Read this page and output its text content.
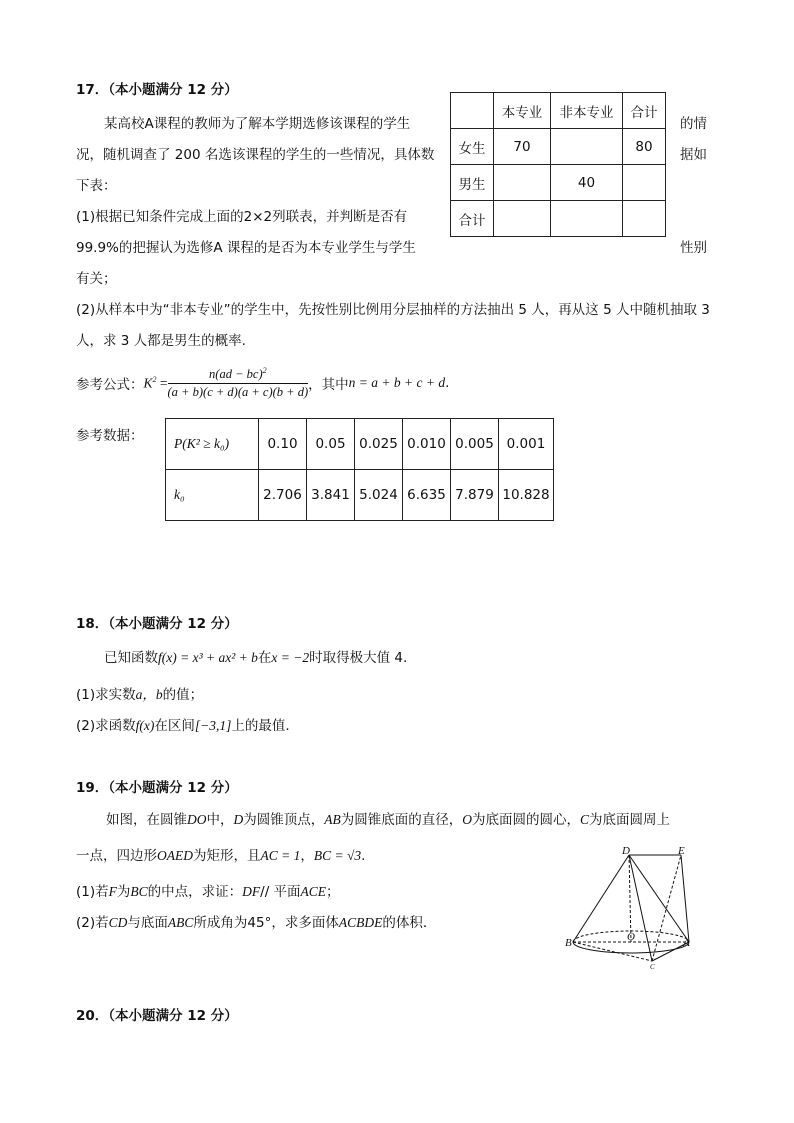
17．（本小题满分 12 分）
某高校A课程的教师为了解本学期选修该课程的学生	的情
况，随机调查了 200 名选该课程的学生的一些情况，具体数	据如
下表：
(1)根据已知条件完成上面的2×2列联表，并判断是否有
99.9%的把握认为选修A 课程的是否为本专业学生与学生	性别
有关；
(2)从样本中为“非本专业”的学生中，先按性别比例用分层抽样的方法抽出 5 人，再从这 5 人中随机抽取 3
人，求 3 人都是男生的概率.
	本专业	非本专业	合计
女生	70		80
男生		40	
合计			
参考公式： $K^2 = \frac{n(ad - bc)^2}{(a + b)(c + d)(a + c)(b + d)}$ ，其中 n = a + b + c + d .
参考数据： P(K² ≥ k₀)	0.10	0.05	0.025	0.010	0.005	0.001
k₀	2.706	3.841	5.024	6.635	7.879	10.828
18．（本小题满分 12 分）
已知函数f(x) = x³ + ax² + b在x = −2时取得极大值 4.
(1)求实数a，b的值；
(2)求函数f(x)在区间[−3,1]上的最值.
19．（本小题满分 12 分）
如图，在圆锥DO中，D为圆锥顶点，AB为圆锥底面的直径，O为底面圆的圆心，C为底面圆周上
一点，四边形OAED为矩形，且AC = 1，BC = √3.
(1)若F为BC的中点，求证：DF// 平面ACE；
(2)若CD与底面ABC所成角为45°，求多面体ACBDE的体积．
D	E
O	A
B
C
20．（本小题满分 12 分）
